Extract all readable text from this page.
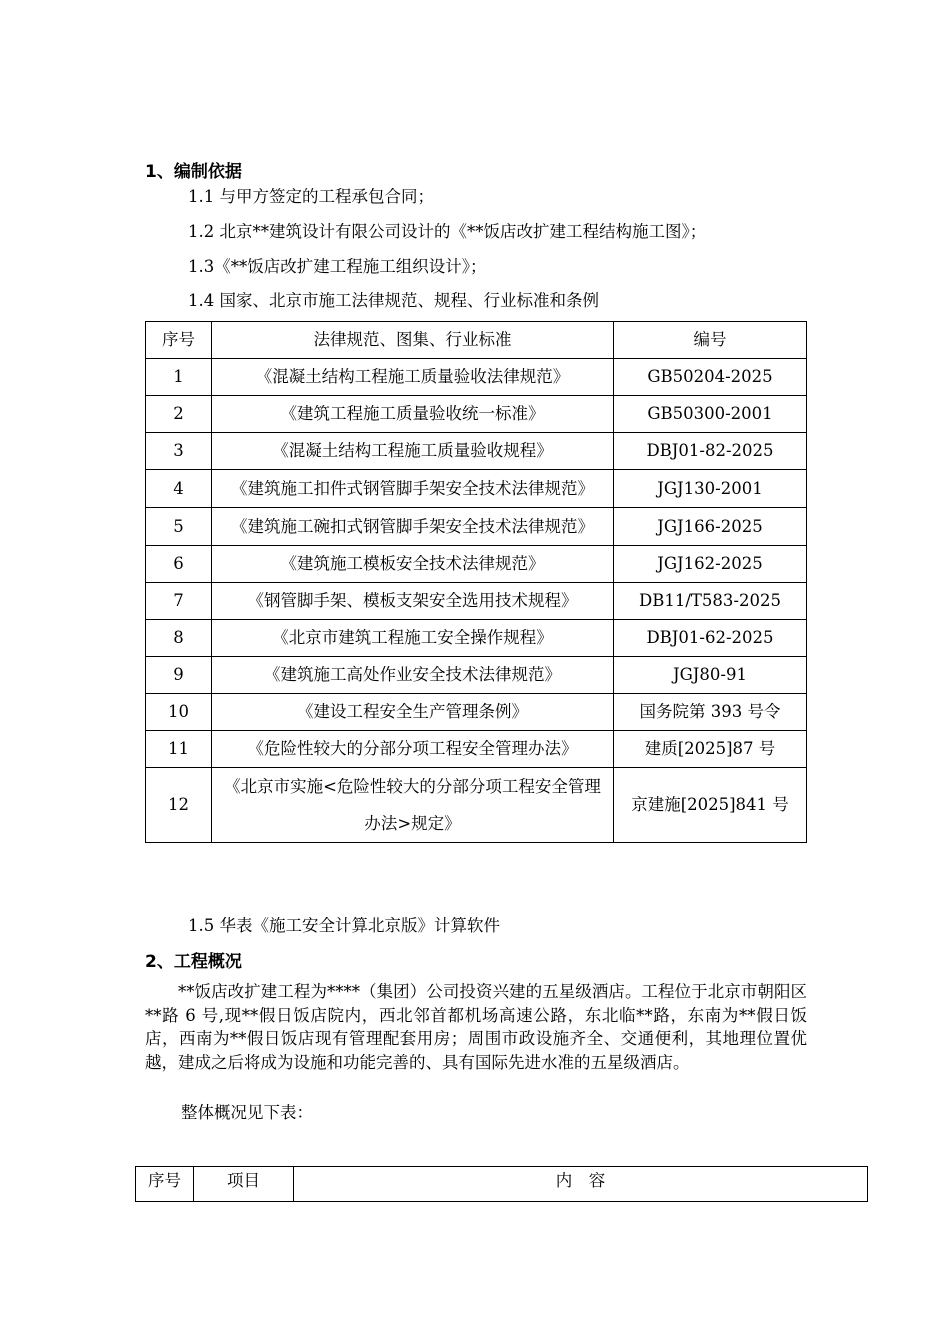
1、编制依据
1.1 与甲方签定的工程承包合同；
1.2 北京**建筑设计有限公司设计的《**饭店改扩建工程结构施工图》；
1.3《**饭店改扩建工程施工组织设计》；
1.4 国家、北京市施工法律规范、规程、行业标准和条例
序号	法律规范、图集、行业标准	编号
1	《混凝土结构工程施工质量验收法律规范》	GB50204-2025
2	《建筑工程施工质量验收统一标准》	GB50300-2001
3	《混凝土结构工程施工质量验收规程》	DBJ01-82-2025
4	《建筑施工扣件式钢管脚手架安全技术法律规范》	JGJ130-2001
5	《建筑施工碗扣式钢管脚手架安全技术法律规范》	JGJ166-2025
6	《建筑施工模板安全技术法律规范》	JGJ162-2025
7	《钢管脚手架、模板支架安全选用技术规程》	DB11/T583-2025
8	《北京市建筑工程施工安全操作规程》	DBJ01-62-2025
9	《建筑施工高处作业安全技术法律规范》	JGJ80-91
10	《建设工程安全生产管理条例》	国务院第 393 号令
11	《危险性较大的分部分项工程安全管理办法》	建质[2025]87 号
12	《北京市实施<危险性较大的分部分项工程安全管理办法>规定》	京建施[2025]841 号
1.5 华表《施工安全计算北京版》计算软件
2、工程概况
**饭店改扩建工程为****（集团）公司投资兴建的五星级酒店。工程位于北京市朝阳区**路 6 号,现**假日饭店院内，西北邻首都机场高速公路，东北临**路，东南为**假日饭店，西南为**假日饭店现有管理配套用房；周围市政设施齐全、交通便利，其地理位置优越，建成之后将成为设施和功能完善的、具有国际先进水准的五星级酒店。
整体概况见下表：
序号	项目	内　容
